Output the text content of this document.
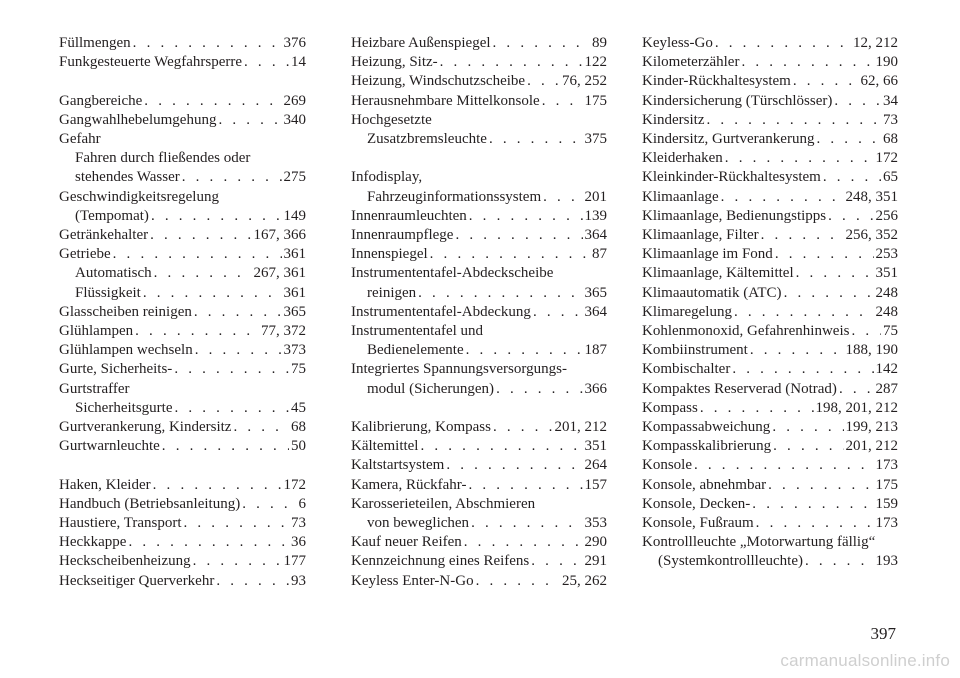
Füllmengen . . .	376
Funkgesteuerte Wegfahrsperre . . .	14
Gangbereiche . . .	269
Gangwahlhebelumgehung . . .	340
Gefahr
Fahren durch fließendes oder
stehendes Wasser . . .	275
Geschwindigkeitsregelung
(Tempomat) . . .	149
Getränkehalter . . .	167, 366
Getriebe . . .	361
Automatisch . . .	267, 361
Flüssigkeit . . .	361
Glasscheiben reinigen . . .	365
Glühlampen . . .	77, 372
Glühlampen wechseln . . .	373
Gurte, Sicherheits- . . .	75
Gurtstraffer
Sicherheitsgurte . . .	45
Gurtverankerung, Kindersitz . . .	68
Gurtwarnleuchte . . .	50
Haken, Kleider . . .	172
Handbuch (Betriebsanleitung) . . .	6
Haustiere, Transport . . .	73
Heckkappe . . .	36
Heckscheibenheizung . . .	177
Heckseitiger Querverkehr . . .	93
Heizbare Außenspiegel . . .	89
Heizung, Sitz- . . .	122
Heizung, Windschutzscheibe . . . 76, 252
Herausnehmbare Mittelkonsole . . .	175
Hochgesetzte
Zusatzbremsleuchte . . .	375
Infodisplay,
Fahrzeuginformationssystem . . .	201
Innenraumleuchten . . .	139
Innenraumpflege . . .	364
Innenspiegel . . .	87
Instrumententafel-Abdeckscheibe
reinigen . . .	365
Instrumententafel-Abdeckung . . .	364
Instrumententafel und
Bedienelemente . . .	187
Integriertes Spannungsversorgungs-
modul (Sicherungen) . . .	366
Kalibrierung, Kompass . . .	201, 212
Kältemittel . . .	351
Kaltstartsystem . . .	264
Kamera, Rückfahr- . . .	157
Karosserieteilen, Abschmieren
von beweglichen . . .	353
Kauf neuer Reifen . . .	290
Kennzeichnung eines Reifens . . .	291
Keyless Enter-N-Go . . .	25, 262
Keyless-Go . . .	12, 212
Kilometerzähler . . .	190
Kinder-Rückhaltesystem . . .	62, 66
Kindersicherung (Türschlösser) . . .	34
Kindersitz . . .	73
Kindersitz, Gurtverankerung . . .	68
Kleiderhaken . . .	172
Kleinkinder-Rückhaltesystem . . .	65
Klimaanlage . . .	248, 351
Klimaanlage, Bedienungstipps . . .	256
Klimaanlage, Filter . . .	256, 352
Klimaanlage im Fond . . .	253
Klimaanlage, Kältemittel . . .	351
Klimaautomatik (ATC) . . .	248
Klimaregelung . . .	248
Kohlenmonoxid, Gefahrenhinweis . . . 75
Kombiinstrument . . .	188, 190
Kombischalter . . .	142
Kompaktes Reserverad (Notrad) . . .	287
Kompass . . .	198, 201, 212
Kompassabweichung . . .	199, 213
Kompasskalibrierung . . .	201, 212
Konsole . . .	173
Konsole, abnehmbar . . .	175
Konsole, Decken- . . .	159
Konsole, Fußraum . . .	173
Kontrollleuchte „Motorwartung fällig“
(Systemkontrollleuchte) . . .	193
397
carmanualsonline.info
